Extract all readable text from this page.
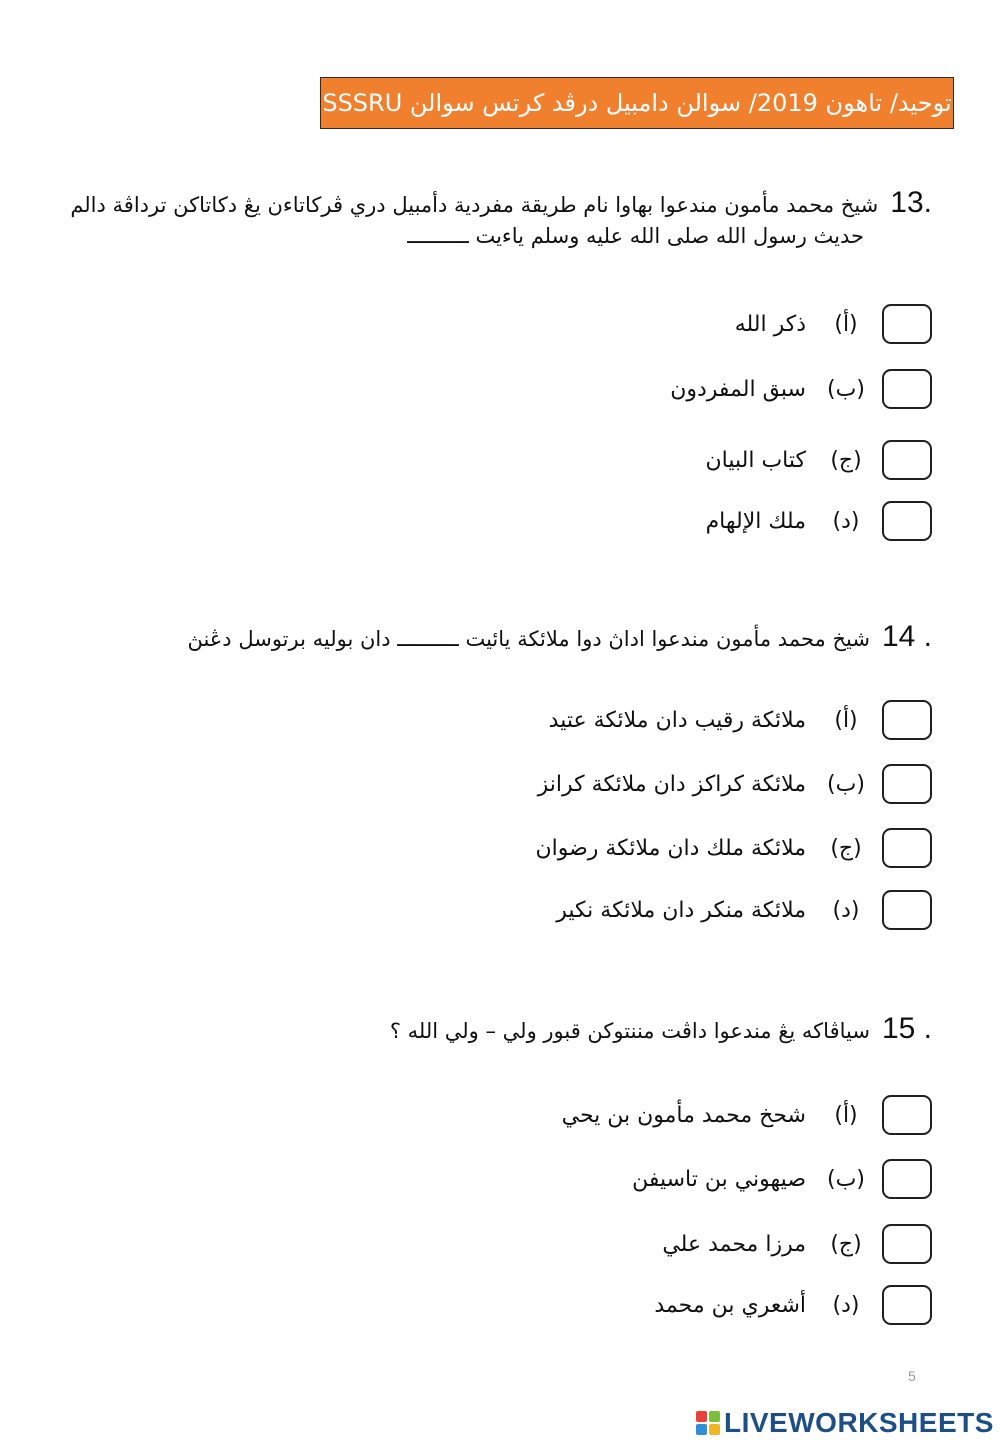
توحيد/ تاهون 2019/ سوالن دامبيل درڤد كرتس سوالن SSSRU
13.
شيخ محمد مأمون مندعوا بهاوا نام طريقة مفردية دأمبيل دري ڤركاتاءن يڠ دكاتاكن ترداڤة دالم
حديث رسول الله صلى الله عليه وسلم ياءيت ــــــــــ
(أ)
ذكر الله
(ب)
سبق المفردون
(ج)
كتاب البيان
(د)
ملك الإلهام
14 .
شيخ محمد مأمون مندعوا اداڽ دوا ملائكة يائيت ــــــــــ دان بوليه برتوسل دڠنڽ
(أ)
ملائكة رقيب دان ملائكة عتيد
(ب)
ملائكة كراكز دان ملائكة كرانز
(ج)
ملائكة ملك دان ملائكة رضوان
(د)
ملائكة منكر دان ملائكة نكير
15 .
سياڤاكه يڠ مندعوا داڤت مننتوكن قبور ولي – ولي الله ؟
(أ)
شحخ محمد مأمون بن يحي
(ب)
صيهوني بن تاسيفن
(ج)
مرزا محمد علي
(د)
أشعري بن محمد
5
LIVEWORKSHEETS
